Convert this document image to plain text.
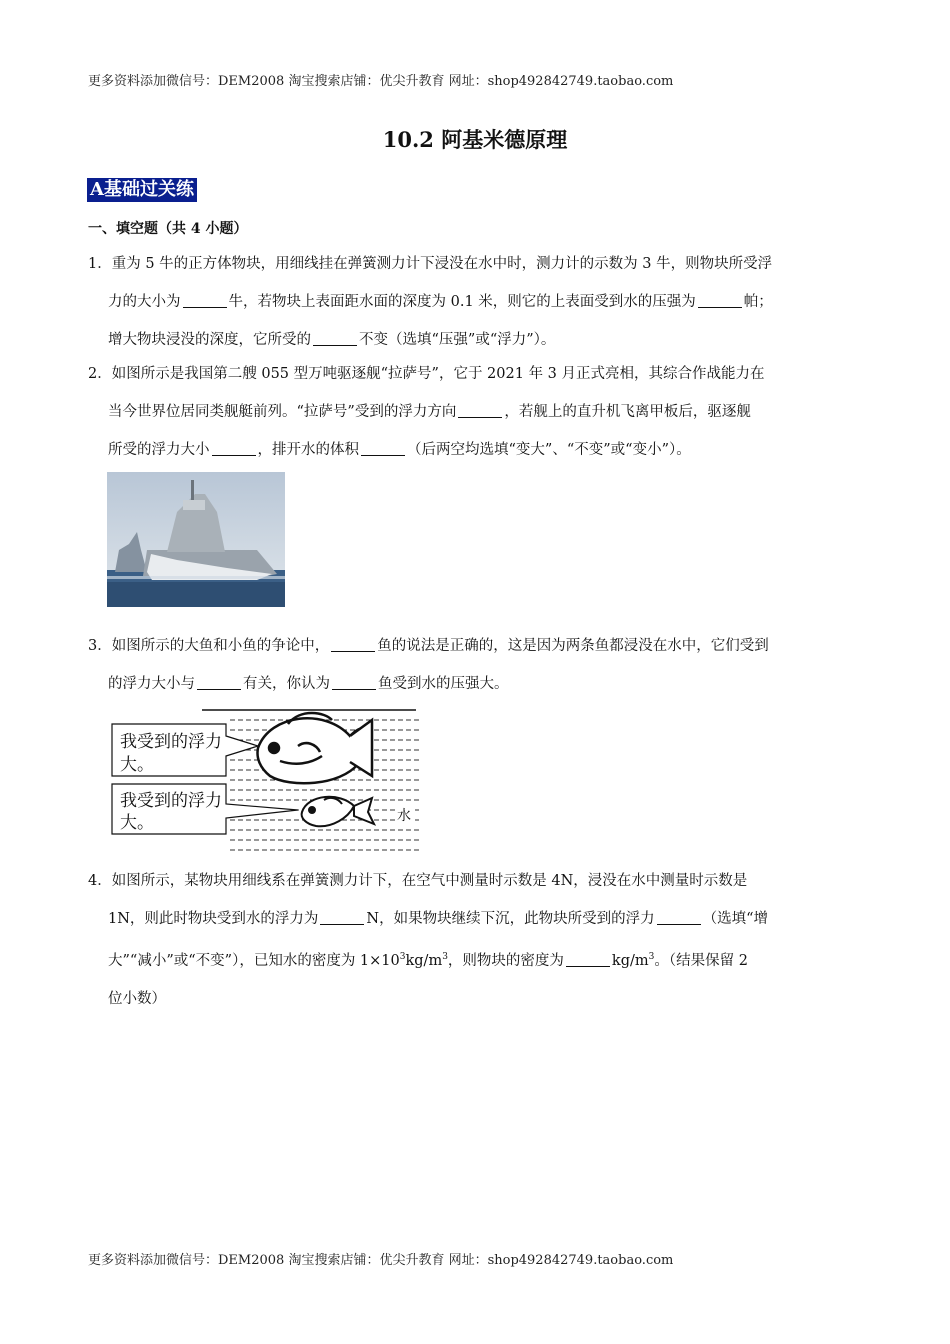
更多资料添加微信号：DEM2008 淘宝搜索店铺：优尖升教育 网址：shop492842749.taobao.com
10.2 阿基米德原理
A基础过关练
一、填空题（共 4 小题）
1．重为 5 牛的正方体物块，用细线挂在弹簧测力计下浸没在水中时，测力计的示数为 3 牛，则物块所受浮
力的大小为	牛，若物块上表面距水面的深度为 0.1 米，则它的上表面受到水的压强为	帕；
增大物块浸没的深度，它所受的	不变（选填“压强”或“浮力”）。
2．如图所示是我国第二艘 055 型万吨驱逐舰“拉萨号”，它于 2021 年 3 月正式亮相，其综合作战能力在
当今世界位居同类舰艇前列。“拉萨号”受到的浮力方向	，若舰上的直升机飞离甲板后，驱逐舰
所受的浮力大小	，排开水的体积	（后两空均选填“变大”、“不变”或“变小”）。
3．如图所示的大鱼和小鱼的争论中，	鱼的说法是正确的，这是因为两条鱼都浸没在水中，它们受到
的浮力大小与	有关，你认为	鱼受到水的压强大。
我受到的浮力
大。
我受到的浮力
大。	水
4．如图所示，某物块用细线系在弹簧测力计下，在空气中测量时示数是 4N，浸没在水中测量时示数是
1N，则此时物块受到水的浮力为	N，如果物块继续下沉，此物块所受到的浮力	（选填“增
大”“减小”或“不变”），已知水的密度为 $1\times 10^3kg/m^3$，则物块的密度为	$kg/m^3$。（结果保留 2
位小数）
更多资料添加微信号：DEM2008 淘宝搜索店铺：优尖升教育 网址：shop492842749.taobao.com
